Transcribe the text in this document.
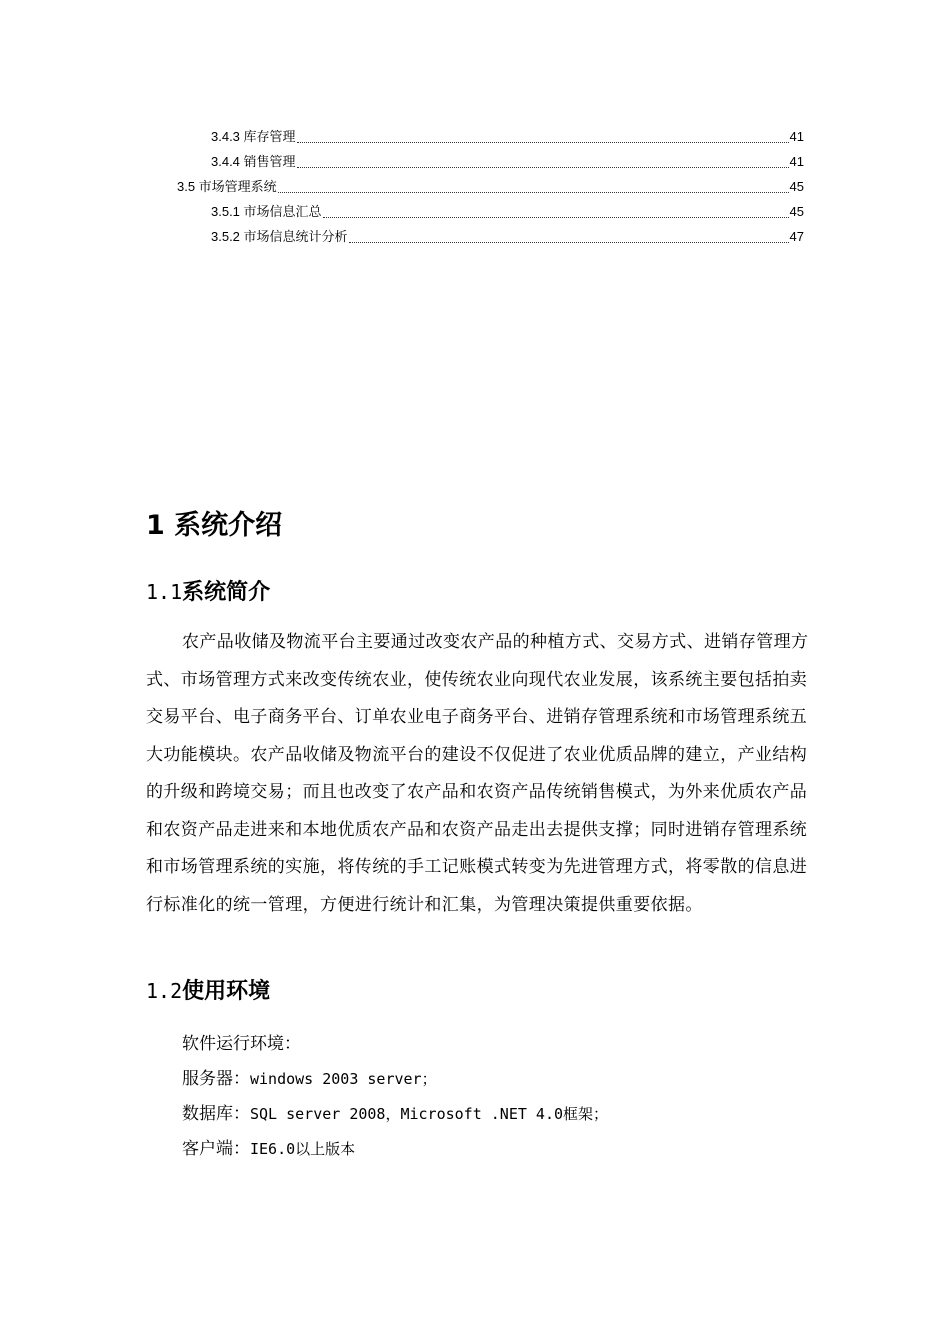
3.4.3 库存管理	41
3.4.4 销售管理	41
3.5 市场管理系统	45
3.5.1 市场信息汇总	45
3.5.2 市场信息统计分析	47
1 系统介绍
1.1系统简介
农产品收储及物流平台主要通过改变农产品的种植方式、交易方式、进销存管理方式、市场管理方式来改变传统农业，使传统农业向现代农业发展，该系统主要包括拍卖交易平台、电子商务平台、订单农业电子商务平台、进销存管理系统和市场管理系统五大功能模块。农产品收储及物流平台的建设不仅促进了农业优质品牌的建立，产业结构的升级和跨境交易；而且也改变了农产品和农资产品传统销售模式，为外来优质农产品和农资产品走进来和本地优质农产品和农资产品走出去提供支撑；同时进销存管理系统和市场管理系统的实施，将传统的手工记账模式转变为先进管理方式，将零散的信息进行标准化的统一管理，方便进行统计和汇集，为管理决策提供重要依据。
1.2使用环境
软件运行环境：
服务器：windows 2003 server；
数据库：SQL server 2008，Microsoft .NET 4.0框架；
客户端：IE6.0以上版本
